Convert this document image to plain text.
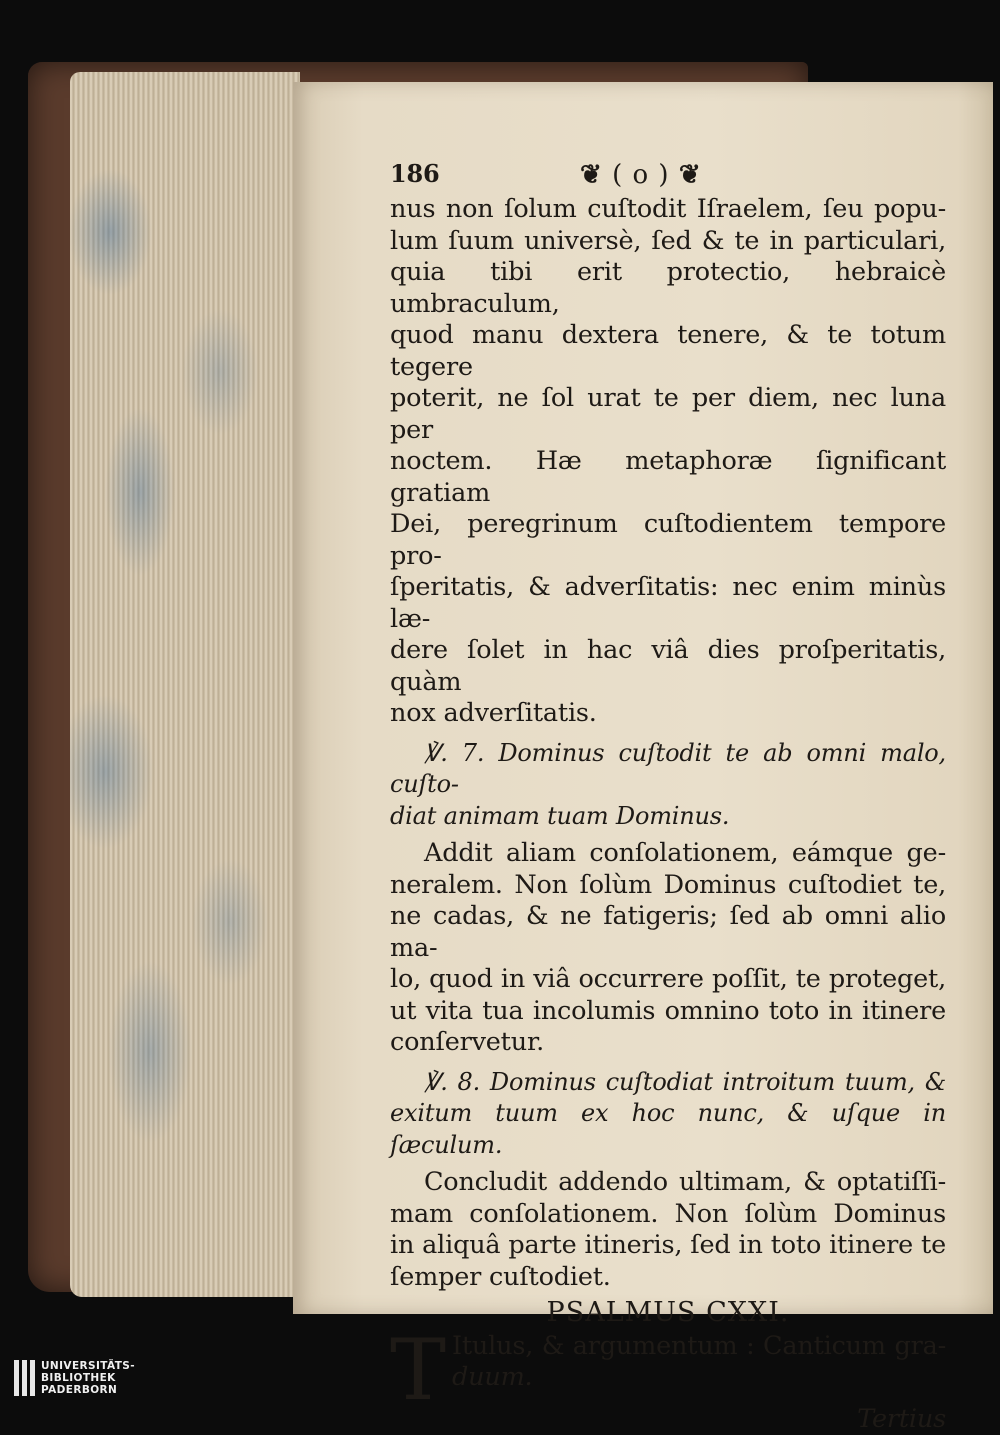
186	❦ ( o ) ❦

nus non ſolum cuſtodit Iſraelem, ſeu popu-

lum ſuum universè, ſed & te in particulari,

quia tibi erit protectio, hebraicè umbraculum,

quod manu dextera tenere, & te totum tegere

poterit, ne ſol urat te per diem, nec luna per

noctem. Hæ metaphoræ ſignificant gratiam

Dei, peregrinum cuſtodientem tempore pro-

ſperitatis, & adverſitatis: nec enim minùs læ-

dere ſolet in hac viâ dies proſperitatis, quàm

nox adverſitatis.

℣. 7. Dominus cuſtodit te ab omni malo, cuſto-

diat animam tuam Dominus.

Addit aliam conſolationem, eámque ge-

neralem. Non ſolùm Dominus cuſtodiet te,

ne cadas, & ne fatigeris; ſed ab omni alio ma-

lo, quod in viâ occurrere poſſit, te proteget,

ut vita tua incolumis omnino toto in itinere

conſervetur.

℣. 8. Dominus cuſtodiat introitum tuum, &

exitum tuum ex hoc nunc, & uſque in ſæculum.

Concludit addendo ultimam, & optatiſſi-

mam conſolationem. Non ſolùm Dominus

in aliquâ parte itineris, ſed in toto itinere te

ſemper cuſtodiet.

PSALMUS CXXI.

T Itulus, & argumentum : Canticum gra-

duum.

Tertius
UNIVERSITÄTS-
BIBLIOTHEK
PADERBORN
